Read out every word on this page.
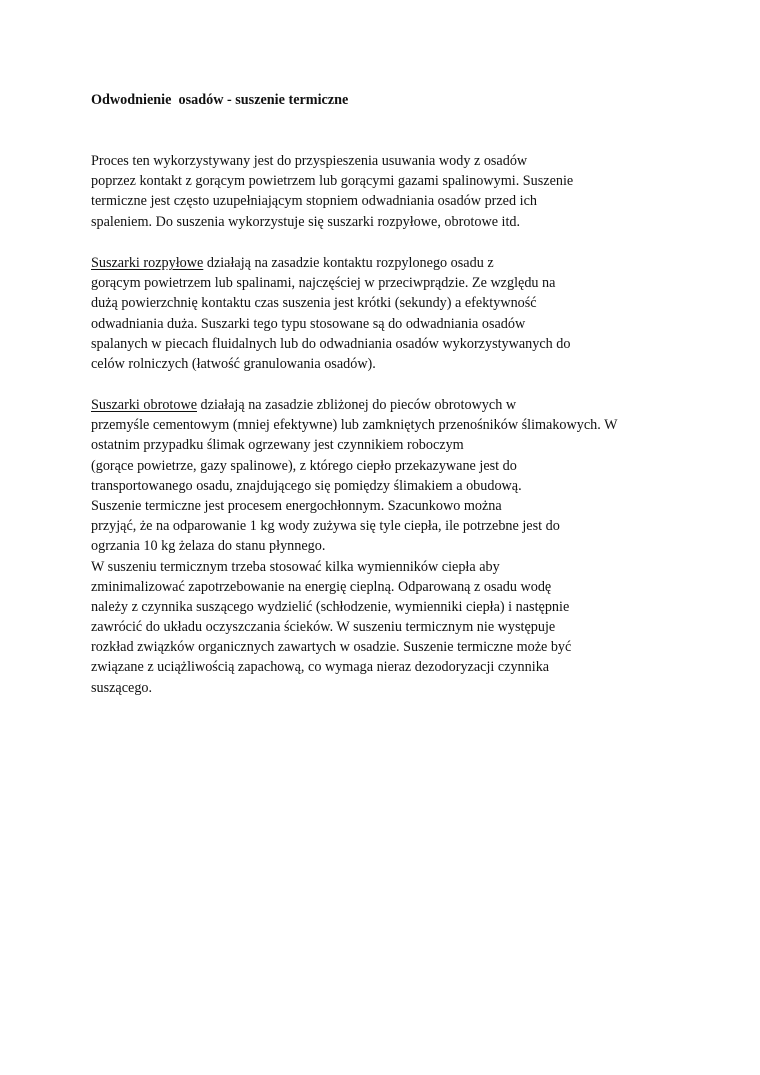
Odwodnienie  osadów - suszenie termiczne
Proces ten wykorzystywany jest do przyspieszenia usuwania wody z osadów
poprzez kontakt z gorącym powietrzem lub gorącymi gazami spalinowymi. Suszenie
termiczne jest często uzupełniającym stopniem odwadniania osadów przed ich
spaleniem. Do suszenia wykorzystuje się suszarki rozpyłowe, obrotowe itd.
Suszarki rozpyłowe działają na zasadzie kontaktu rozpylonego osadu z
gorącym powietrzem lub spalinami, najczęściej w przeciwprądzie. Ze względu na
dużą powierzchnię kontaktu czas suszenia jest krótki (sekundy) a efektywność
odwadniania duża. Suszarki tego typu stosowane są do odwadniania osadów
spalanych w piecach fluidalnych lub do odwadniania osadów wykorzystywanych do
celów rolniczych (łatwość granulowania osadów).
Suszarki obrotowe działają na zasadzie zbliżonej do pieców obrotowych w
przemyśle cementowym (mniej efektywne) lub zamkniętych przenośników ślimakowych. W
ostatnim przypadku ślimak ogrzewany jest czynnikiem roboczym
(gorące powietrze, gazy spalinowe), z którego ciepło przekazywane jest do
transportowanego osadu, znajdującego się pomiędzy ślimakiem a obudową.
Suszenie termiczne jest procesem energochłonnym. Szacunkowo można
przyjąć, że na odparowanie 1 kg wody zużywa się tyle ciepła, ile potrzebne jest do
ogrzania 10 kg żelaza do stanu płynnego.
W suszeniu termicznym trzeba stosować kilka wymienników ciepła aby
zminimalizować zapotrzebowanie na energię cieplną. Odparowaną z osadu wodę
należy z czynnika suszącego wydzielić (schłodzenie, wymienniki ciepła) i następnie
zawrócić do układu oczyszczania ścieków. W suszeniu termicznym nie występuje
rozkład związków organicznych zawartych w osadzie. Suszenie termiczne może być
związane z uciążliwością zapachową, co wymaga nieraz dezodoryzacji czynnika
suszącego.
